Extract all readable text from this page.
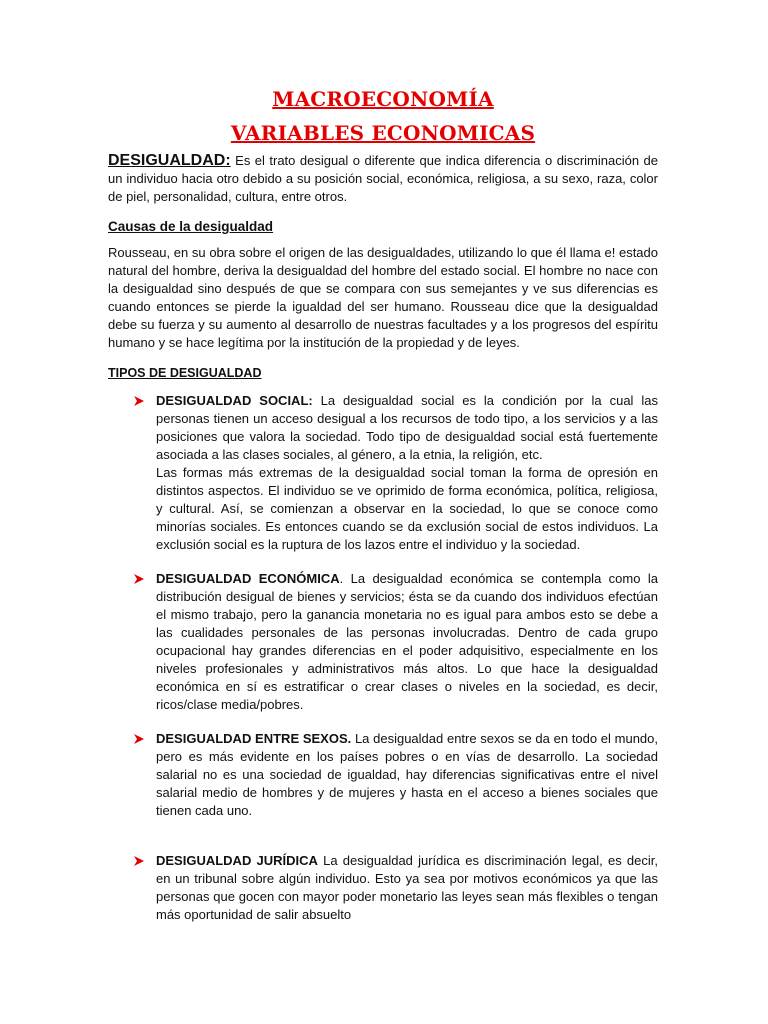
MACROECONOMÍA
VARIABLES ECONOMICAS

DESIGUALDAD: Es el trato desigual o diferente que indica diferencia o discriminación de un individuo hacia otro debido a su posición social, económica, religiosa, a su sexo, raza, color de piel, personalidad, cultura, entre otros.

Causas de la desigualdad

Rousseau, en su obra sobre el origen de las desigualdades, utilizando lo que él llama e! estado natural del hombre, deriva la desigualdad del hombre del estado social. El hombre no nace con la desigualdad sino después de que se compara con sus semejantes y ve sus diferencias es cuando entonces se pierde la igualdad del ser humano. Rousseau dice que la desigualdad debe su fuerza y su aumento al desarrollo de nuestras facultades y a los progresos del espíritu humano y se hace legítima por la institución de la propiedad y de leyes.

TIPOS DE DESIGUALDAD
DESIGUALDAD SOCIAL: La desigualdad social es la condición por la cual las personas tienen un acceso desigual a los recursos de todo tipo, a los servicios y a las posiciones que valora la sociedad. Todo tipo de desigualdad social está fuertemente asociada a las clases sociales, al género, a la etnia, la religión, etc.
Las formas más extremas de la desigualdad social toman la forma de opresión en distintos aspectos. El individuo se ve oprimido de forma económica, política, religiosa, y cultural. Así, se comienzan a observar en la sociedad, lo que se conoce como minorías sociales. Es entonces cuando se da exclusión social de estos individuos. La exclusión social es la ruptura de los lazos entre el individuo y la sociedad.
DESIGUALDAD ECONÓMICA. La desigualdad económica se contempla como la distribución desigual de bienes y servicios; ésta se da cuando dos individuos efectúan el mismo trabajo, pero la ganancia monetaria no es igual para ambos esto se debe a las cualidades personales de las personas involucradas. Dentro de cada grupo ocupacional hay grandes diferencias en el poder adquisitivo, especialmente en los niveles profesionales y administrativos más altos. Lo que hace la desigualdad económica en sí es estratificar o crear clases o niveles en la sociedad, es decir, ricos/clase media/pobres.
DESIGUALDAD ENTRE SEXOS. La desigualdad entre sexos se da en todo el mundo, pero es más evidente en los países pobres o en vías de desarrollo. La sociedad salarial no es una sociedad de igualdad, hay diferencias significativas entre el nivel salarial medio de hombres y de mujeres y hasta en el acceso a bienes sociales que tienen cada uno.
DESIGUALDAD JURÍDICA La desigualdad jurídica es discriminación legal, es decir, en un tribunal sobre algún individuo. Esto ya sea por motivos económicos ya que las personas que gocen con mayor poder monetario las leyes sean más flexibles o tengan más oportunidad de salir absuelto
